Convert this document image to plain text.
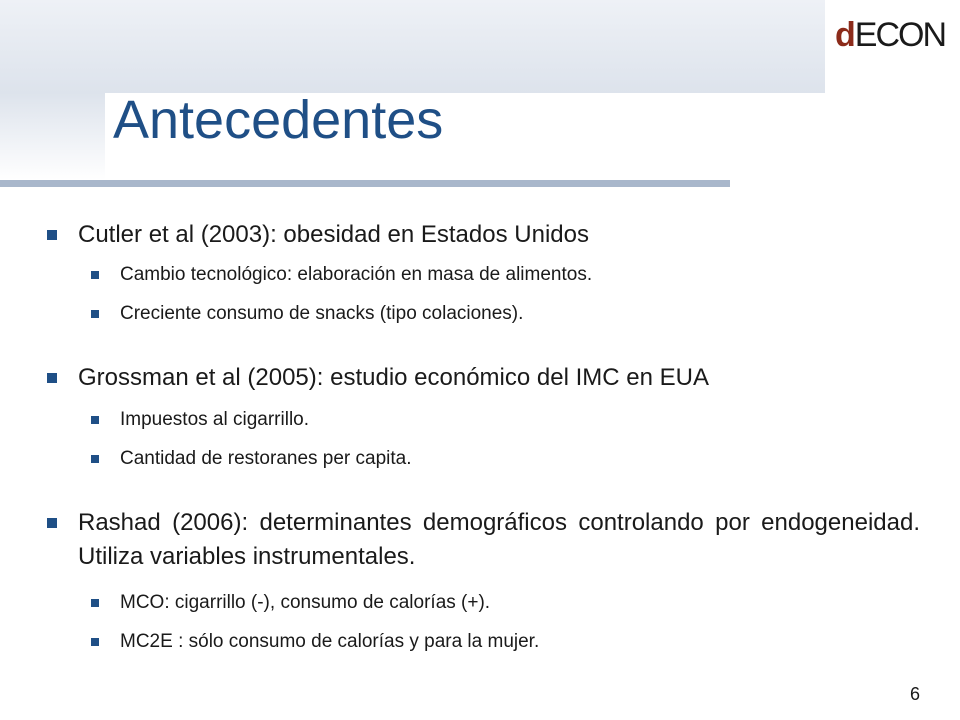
dECON
Antecedentes
Cutler et al (2003): obesidad en Estados Unidos
Cambio tecnológico: elaboración en masa de alimentos.
Creciente consumo de snacks (tipo colaciones).
Grossman et al (2005): estudio económico del IMC en EUA
Impuestos al cigarrillo.
Cantidad de restoranes per capita.
Rashad (2006): determinantes demográficos controlando por endogeneidad. Utiliza variables instrumentales.
MCO: cigarrillo (-), consumo de calorías (+).
MC2E : sólo consumo de calorías y para la mujer.
6
